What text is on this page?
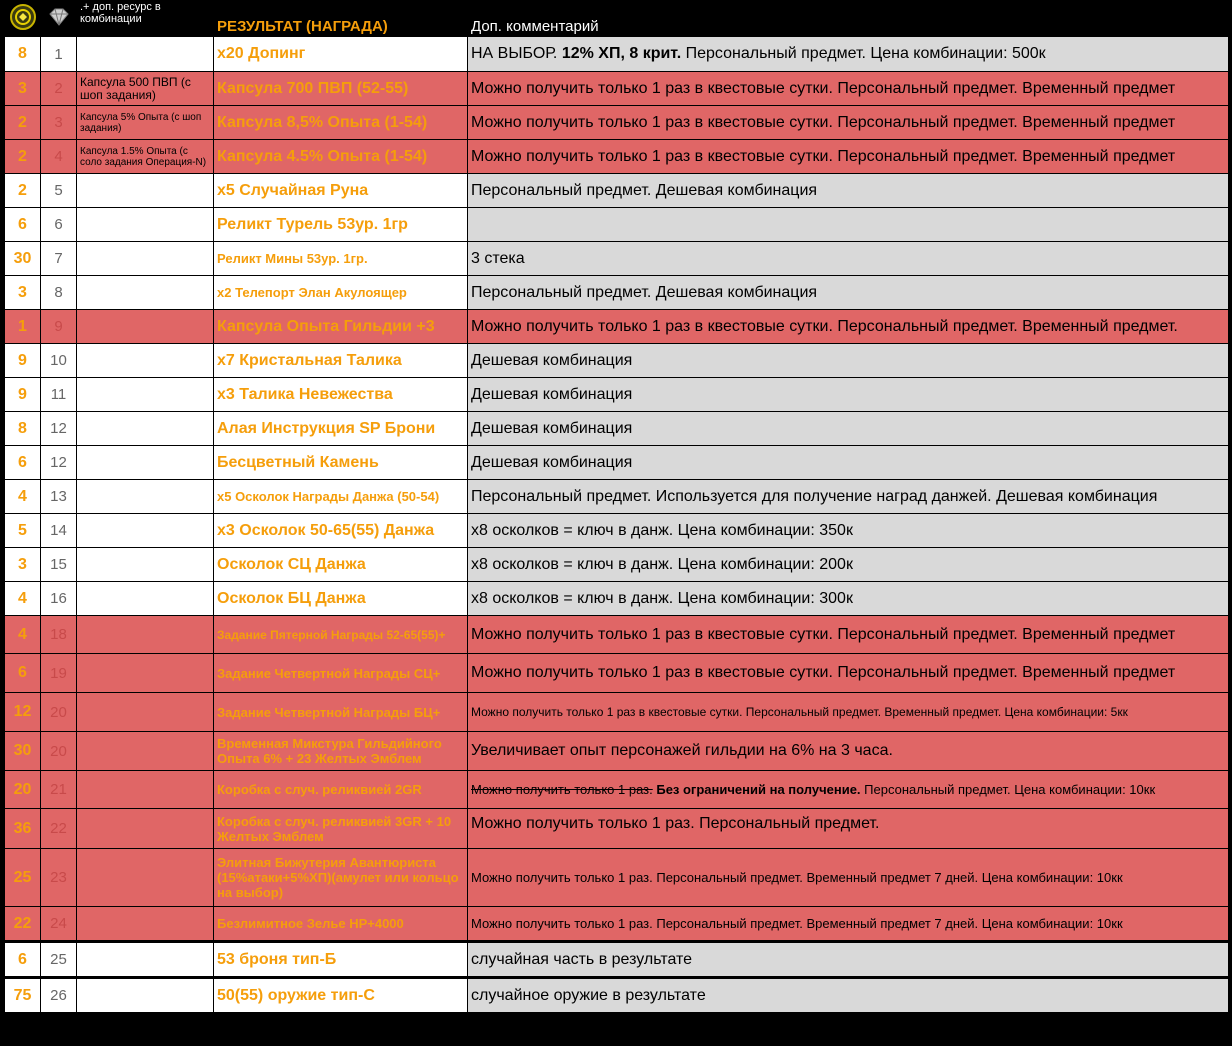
		.+ доп. ресурс в комбинации	РЕЗУЛЬТАТ (НАГРАДА)	Доп. комментарий
8	1		x20 Допинг	НА ВЫБОР. 12% ХП, 8 крит. Персональный предмет. Цена комбинации: 500к
3	2	Капсула 500 ПВП (с шоп задания)	Капсула 700 ПВП (52-55)	Можно получить только 1 раз в квестовые сутки. Персональный предмет. Временный предмет
2	3	Капсула 5% Опыта (с шоп задания)	Капсула 8,5% Опыта (1-54)	Можно получить только 1 раз в квестовые сутки. Персональный предмет. Временный предмет
2	4	Капсула 1.5% Опыта (с соло задания Операция-N)	Капсула 4.5% Опыта (1-54)	Можно получить только 1 раз в квестовые сутки. Персональный предмет. Временный предмет
2	5		x5 Случайная Руна	Персональный предмет. Дешевая комбинация
6	6		Реликт Турель 53ур. 1гр	
30	7		Реликт Мины 53ур. 1гр.	3 стека
3	8		x2 Телепорт Элан Акулоящер	Персональный предмет. Дешевая комбинация
1	9		Капсула Опыта Гильдии +3	Можно получить только 1 раз в квестовые сутки. Персональный предмет. Временный предмет.
9	10		x7 Кристальная Талика	Дешевая комбинация
9	11		x3 Талика Невежества	Дешевая комбинация
8	12		Алая Инструкция SP Брони	Дешевая комбинация
6	12		Бесцветный Камень	Дешевая комбинация
4	13		x5 Осколок Награды Данжа (50-54)	Персональный предмет. Используется для получение наград данжей. Дешевая комбинация
5	14		x3 Осколок 50-65(55) Данжа	x8 осколков = ключ в данж. Цена комбинации: 350к
3	15		Осколок СЦ Данжа	x8 осколков = ключ в данж. Цена комбинации: 200к
4	16		Осколок БЦ Данжа	x8 осколков = ключ в данж. Цена комбинации: 300к
4	18		Задание Пятерной Награды 52-65(55)+	Можно получить только 1 раз в квестовые сутки. Персональный предмет. Временный предмет
6	19		Задание Четвертной Награды СЦ+	Можно получить только 1 раз в квестовые сутки. Персональный предмет. Временный предмет
12	20		Задание Четвертной Награды БЦ+	Можно получить только 1 раз в квестовые сутки. Персональный предмет. Временный предмет. Цена комбинации: 5кк
30	20		Временная Микстура Гильдийного Опыта 6% + 23 Желтых Эмблем	Увеличивает опыт персонажей гильдии на 6% на 3 часа.
20	21		Коробка с случ. реликвией 2GR	Можно получить только 1 раз. Без ограничений на получение. Персональный предмет. Цена комбинации: 10кк
36	22		Коробка с случ. реликвией 3GR + 10 Желтых Эмблем	Можно получить только 1 раз. Персональный предмет.
25	23		Элитная Бижутерия Авантюриста (15%атаки+5%ХП)(амулет или кольцо на выбор)	Можно получить только 1 раз. Персональный предмет. Временный предмет 7 дней. Цена комбинации: 10кк
22	24		Безлимитное Зелье HP+4000	Можно получить только 1 раз. Персональный предмет. Временный предмет 7 дней. Цена комбинации: 10кк
6	25		53 броня тип-Б	случайная часть в результате
75	26		50(55) оружие тип-С	случайное оружие в результате
